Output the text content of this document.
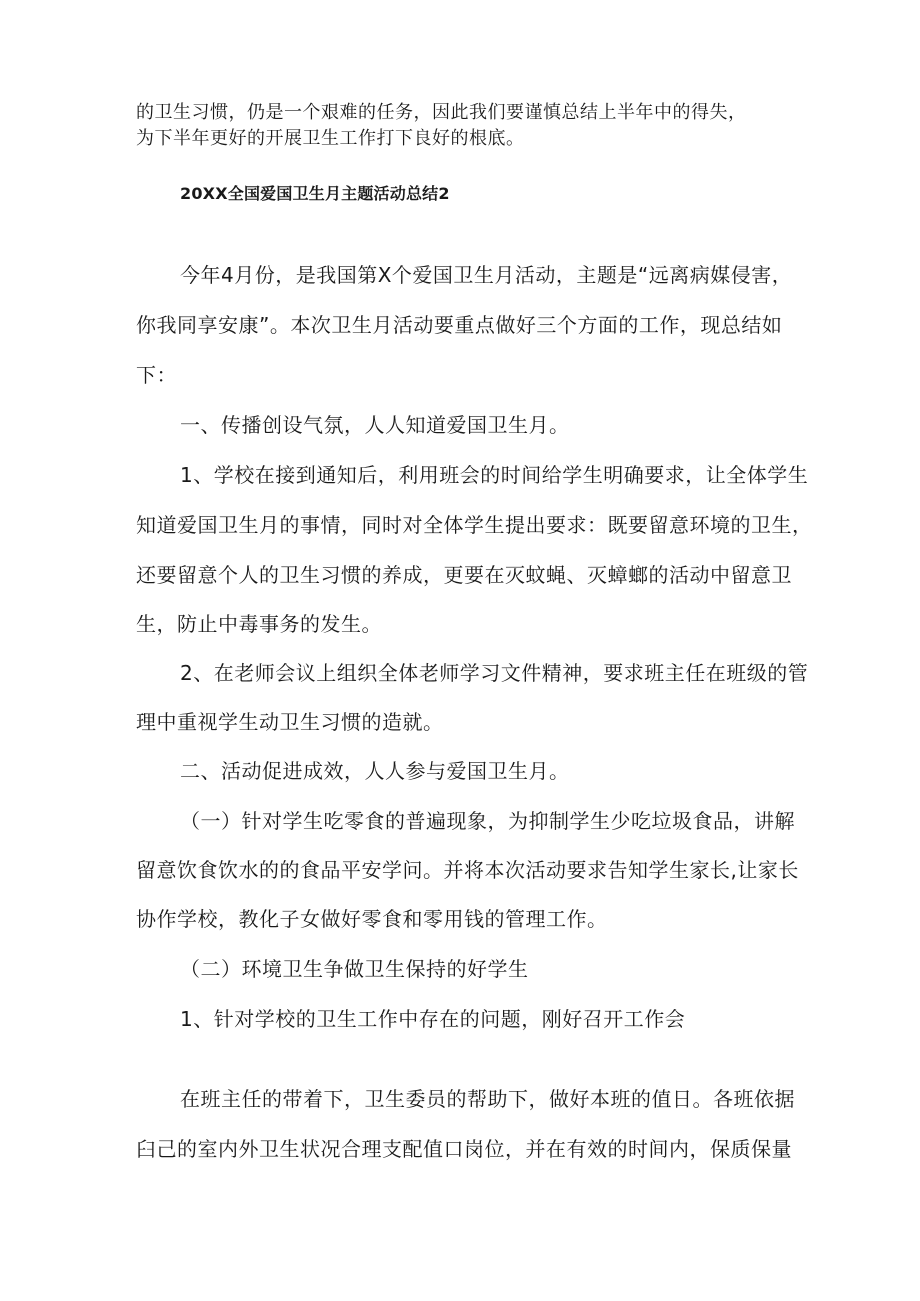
的卫生习惯，仍是一个艰难的任务，因此我们要谨慎总结上半年中的得失，
为下半年更好的开展卫生工作打下良好的根底。
20XX全国爱国卫生月主题活动总结2
今年4月份，是我国第X个爱国卫生月活动，主题是“远离病媒侵害，
你我同享安康”。本次卫生月活动要重点做好三个方面的工作，现总结如
下：
一、传播创设气氛，人人知道爱国卫生月。
1、学校在接到通知后，利用班会的时间给学生明确要求，让全体学生
知道爱国卫生月的事情，同时对全体学生提出要求：既要留意环境的卫生，
还要留意个人的卫生习惯的养成，更要在灭蚊蝇、灭蟑螂的活动中留意卫
生，防止中毒事务的发生。
2、在老师会议上组织全体老师学习文件精神，要求班主任在班级的管
理中重视学生动卫生习惯的造就。
二、活动促进成效，人人参与爱国卫生月。
（一）针对学生吃零食的普遍现象，为抑制学生少吃垃圾食品，讲解
留意饮食饮水的的食品平安学问。并将本次活动要求告知学生家长,让家长
协作学校，教化子女做好零食和零用钱的管理工作。
（二）环境卫生争做卫生保持的好学生
1、针对学校的卫生工作中存在的问题，刚好召开工作会
在班主任的带着下，卫生委员的帮助下，做好本班的值日。各班依据
臼己的室内外卫生状况合理支配值口岗位，并在有效的时间内，保质保量
